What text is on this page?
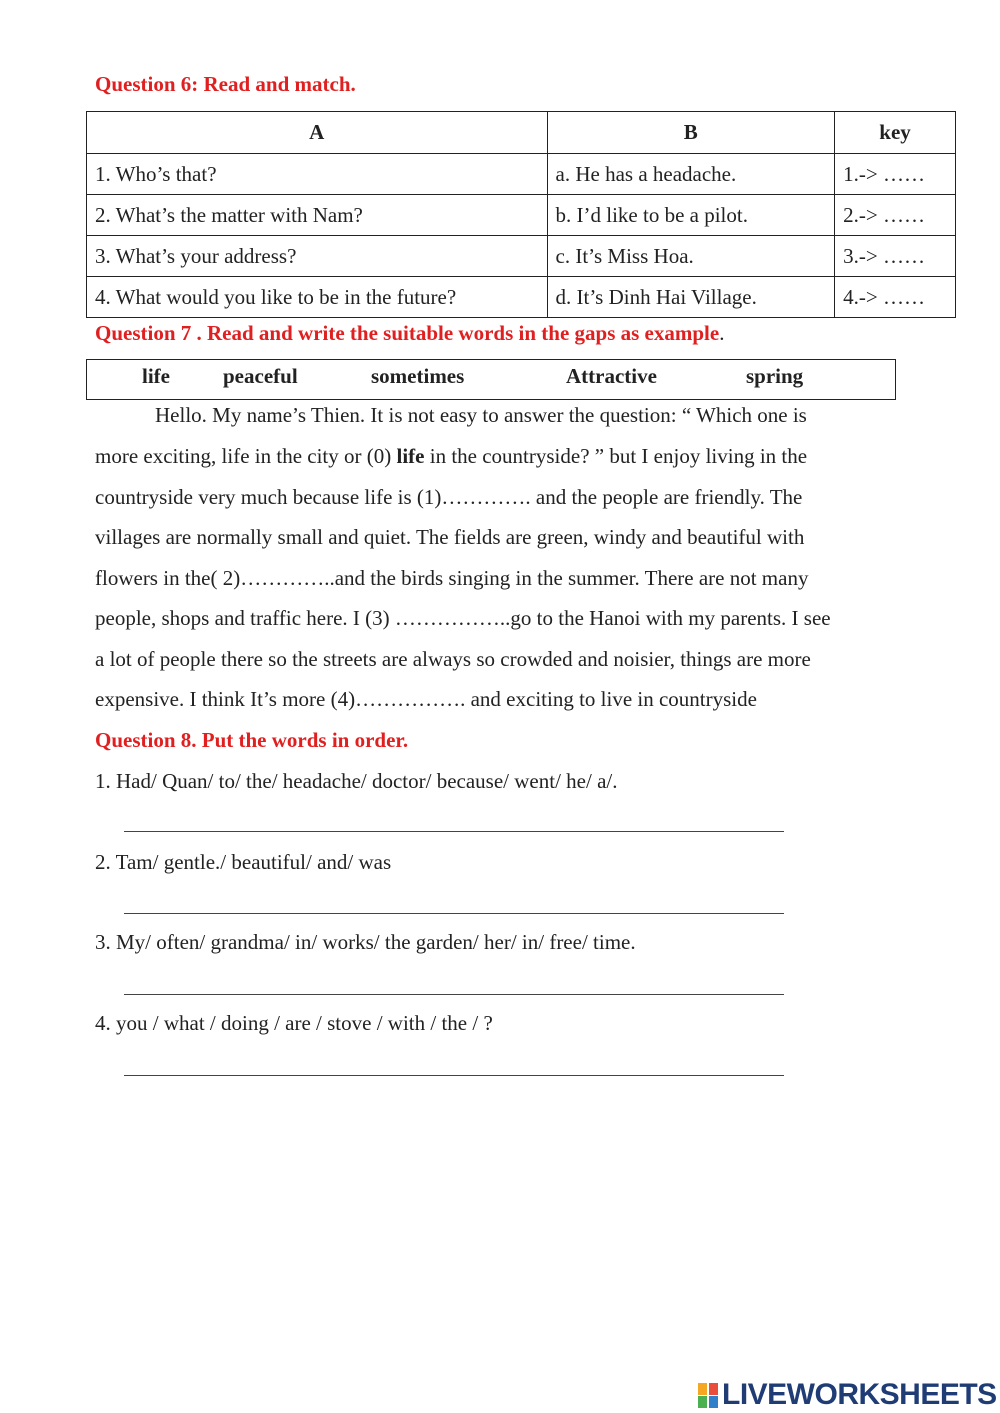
Question 6: Read and match.
A	B	key
1. Who’s that?	a. He has a headache.	1.-> ……
2. What’s the matter with Nam?	b. I’d like to be a pilot.	2.-> ……
3. What’s your address?	c. It’s Miss Hoa.	3.-> ……
4. What would you like to be in the future?	d. It’s Dinh Hai Village.	4.-> ……
Question 7 . Read and write the suitable words in the gaps as example.
life	peaceful	sometimes	Attractive	spring
Hello. My name’s Thien. It is not easy to answer the question: “ Which one is
more exciting, life in the city or (0) life in the countryside? ” but I enjoy living in the
countryside very much because life is (1)…………. and the people are friendly. The
villages are normally small and quiet. The fields are green, windy and beautiful with
flowers in the( 2)…………..and the birds singing in the summer. There are not many
people, shops and traffic here. I (3) ……………..go to the Hanoi with my parents. I see
a lot of people there so the streets are always so crowded and noisier, things are more
expensive. I think It’s more (4)……………. and exciting to live in countryside
Question 8. Put the words in order.
1. Had/ Quan/ to/ the/ headache/ doctor/ because/ went/ he/ a/.
2. Tam/ gentle./ beautiful/ and/ was
3. My/ often/ grandma/ in/ works/ the garden/ her/ in/ free/ time.
4. you / what / doing / are / stove / with / the / ?
LIVEWORKSHEETS
